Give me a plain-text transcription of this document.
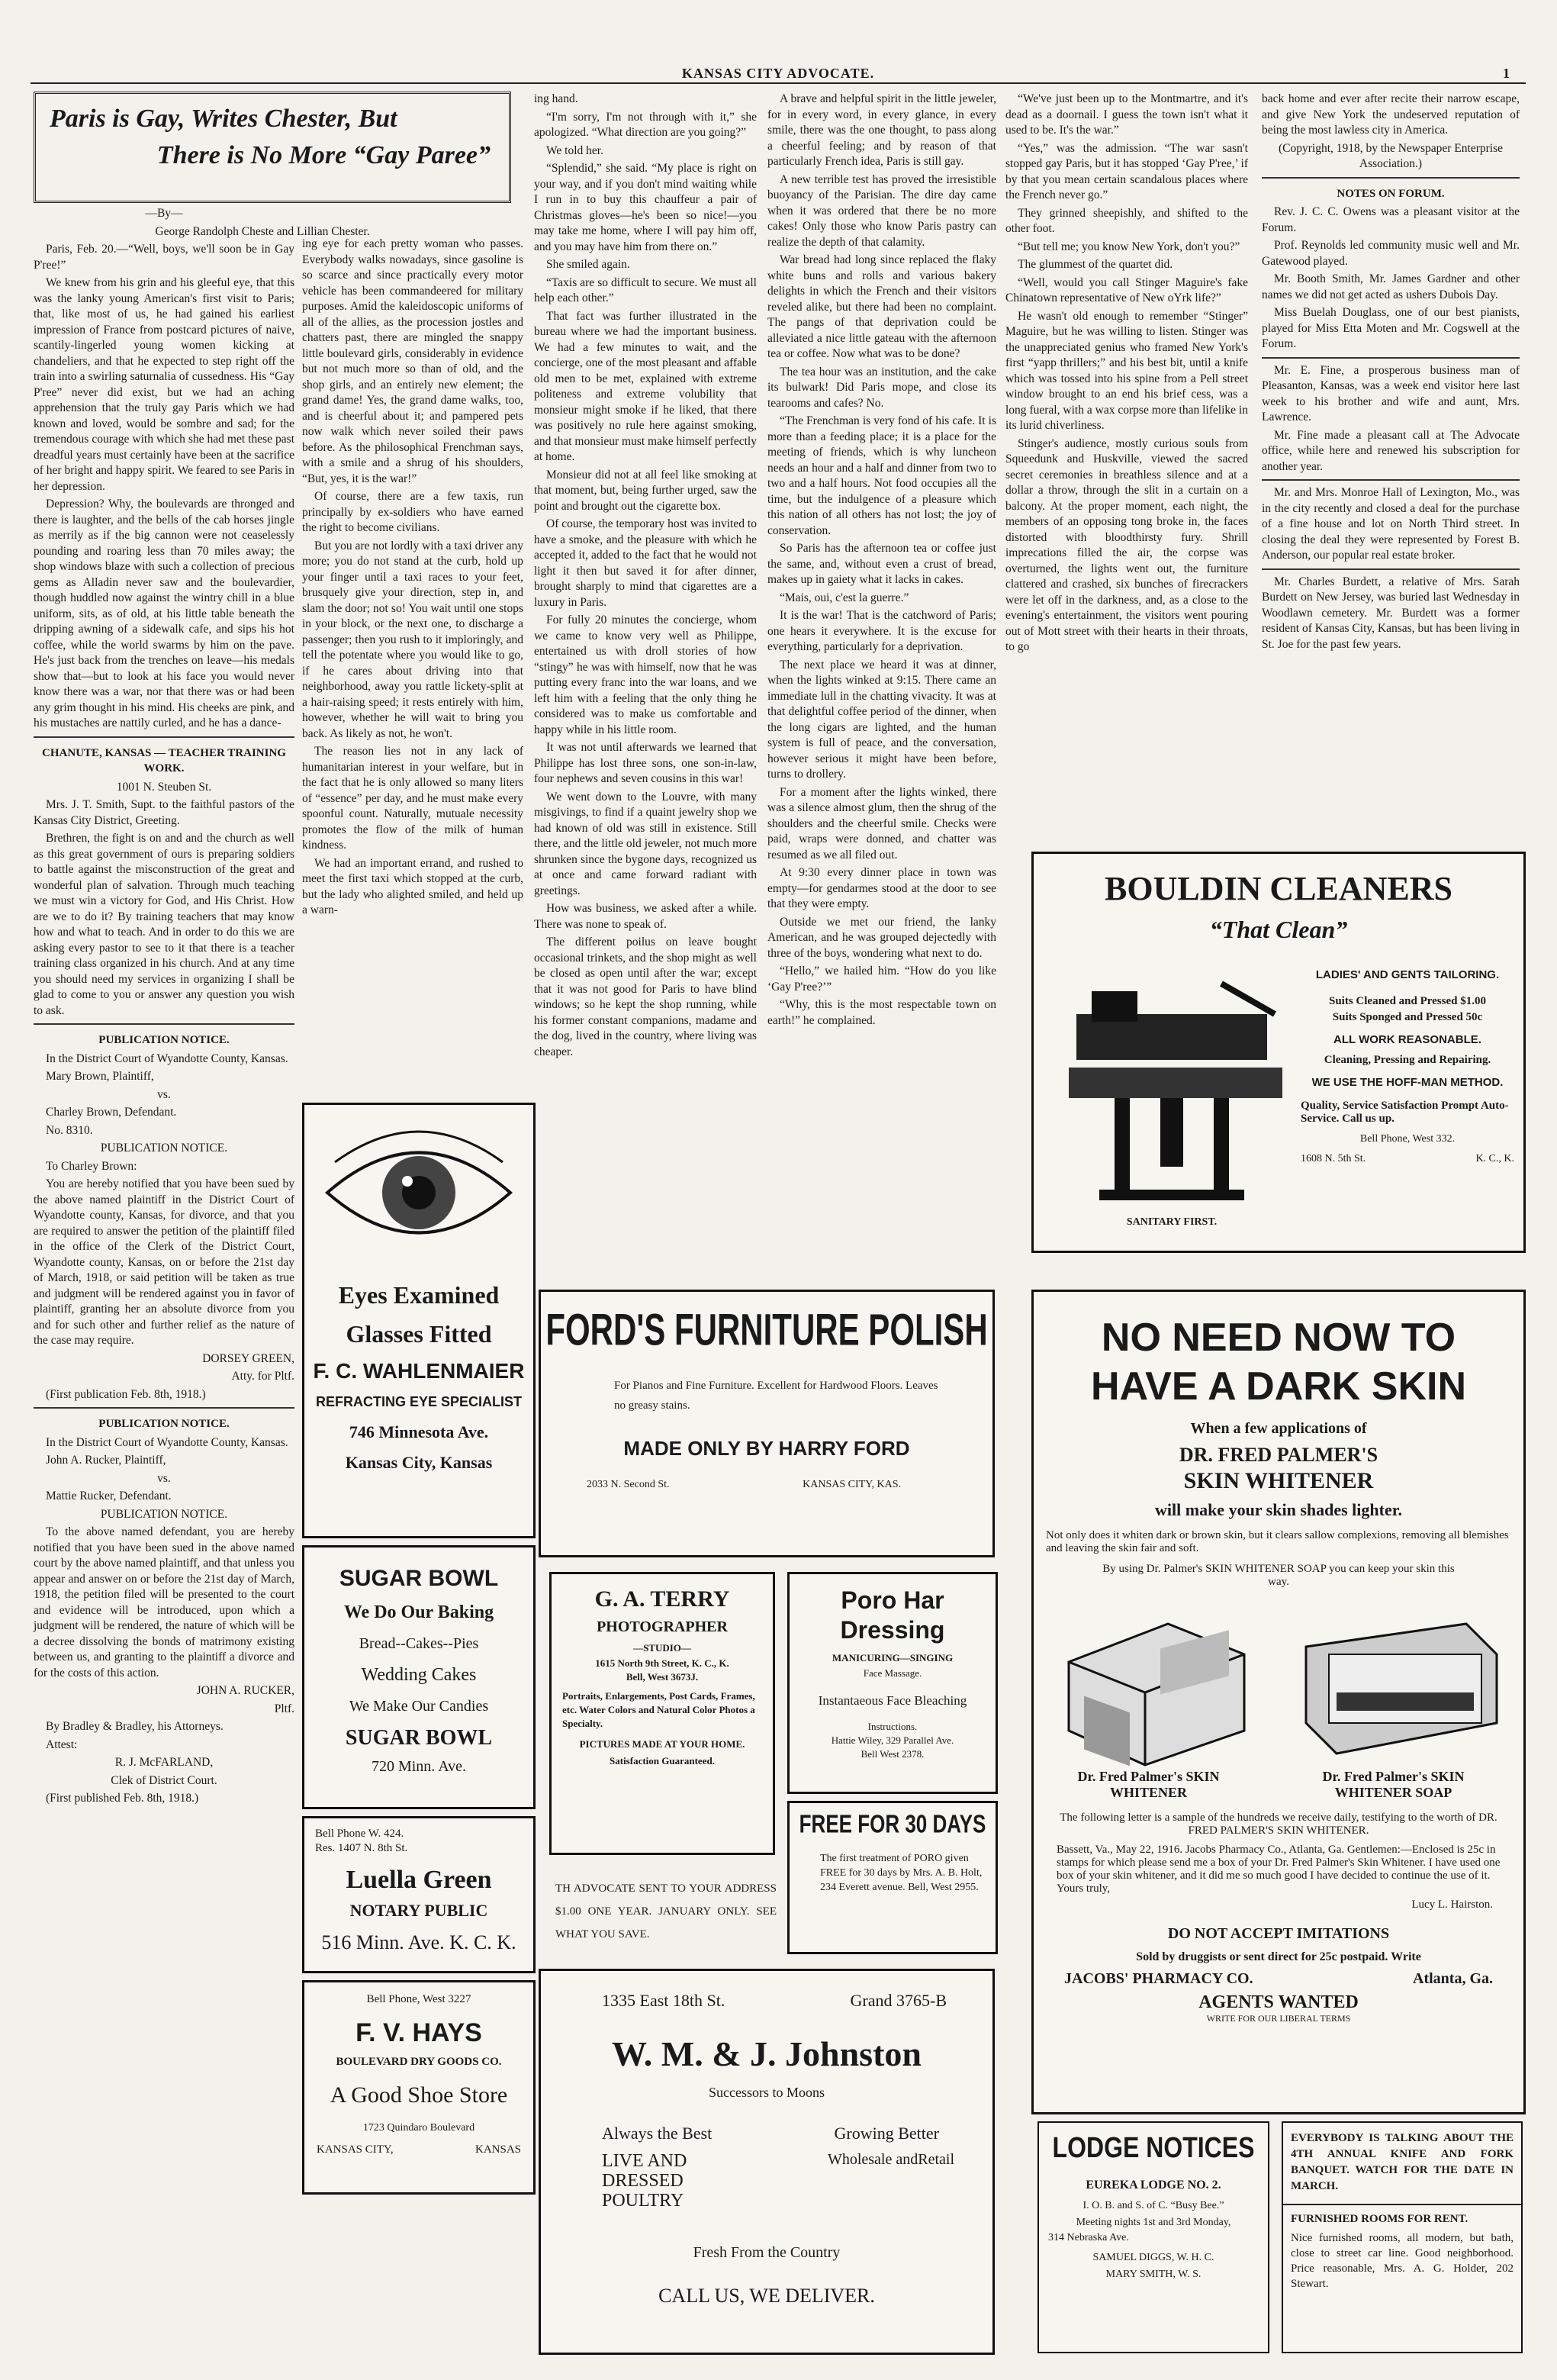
KANSAS CITY ADVOCATE.	1
Paris is Gay, Writes Chester, But
There is No More “Gay Paree”

—By—

George Randolph Cheste and Lillian Chester.

Paris, Feb. 20.—“Well, boys, we'll soon be in Gay P'ree!”

We knew from his grin and his gleeful eye, that this was the lanky young American's first visit to Paris; that, like most of us, he had gained his earliest impression of France from postcard pictures of naive, scantily-lingerled young women kicking at chandeliers, and that he expected to step right off the train into a swirling saturnalia of cussedness. His “Gay P'ree” never did exist, but we had an aching apprehension that the truly gay Paris which we had known and loved, would be sombre and sad; for the tremendous courage with which she had met these past dreadful years must certainly have been at the sacrifice of her bright and happy spirit. We feared to see Paris in her depression.

Depression? Why, the boulevards are thronged and there is laughter, and the bells of the cab horses jingle as merrily as if the big cannon were not ceaselessly pounding and roaring less than 70 miles away; the shop windows blaze with such a collection of precious gems as Alladin never saw and the boulevardier, though huddled now against the wintry chill in a blue uniform, sits, as of old, at his little table beneath the dripping awning of a sidewalk cafe, and sips his hot coffee, while the world swarms by him on the pave. He's just back from the trenches on leave—his medals show that—but to look at his face you would never know there was a war, nor that there was or had been any grim thought in his mind. His cheeks are pink, and his mustaches are nattily curled, and he has a dance-

CHANUTE, KANSAS — TEACHER TRAINING WORK.

1001 N. Steuben St.

Mrs. J. T. Smith, Supt. to the faithful pastors of the Kansas City District, Greeting.

Brethren, the fight is on and and the church as well as this great government of ours is preparing soldiers to battle against the misconstruction of the great and wonderful plan of salvation. Through much teaching we must win a victory for God, and His Christ. How are we to do it? By training teachers that may know how and what to teach. And in order to do this we are asking every pastor to see to it that there is a teacher training class organized in his church. And at any time you should need my services in organizing I shall be glad to come to you or answer any question you wish to ask.

PUBLICATION NOTICE.

In the District Court of Wyandotte County, Kansas.

Mary Brown, Plaintiff,

vs.

Charley Brown, Defendant.

No. 8310.

PUBLICATION NOTICE.

To Charley Brown:

You are hereby notified that you have been sued by the above named plaintiff in the District Court of Wyandotte county, Kansas, for divorce, and that you are required to answer the petition of the plaintiff filed in the office of the Clerk of the District Court, Wyandotte county, Kansas, on or before the 21st day of March, 1918, or said petition will be taken as true and judgment will be rendered against you in favor of plaintiff, granting her an absolute divorce from you and for such other and further relief as the nature of the case may require.

DORSEY GREEN,

Atty. for Pltf.

(First publication Feb. 8th, 1918.)

PUBLICATION NOTICE.

In the District Court of Wyandotte County, Kansas.

John A. Rucker, Plaintiff,

vs.

Mattie Rucker, Defendant.

PUBLICATION NOTICE.

To the above named defendant, you are hereby notified that you have been sued in the above named court by the above named plaintiff, and that unless you appear and answer on or before the 21st day of March, 1918, the petition filed will be presented to the court and evidence will be introduced, upon which a judgment will be rendered, the nature of which will be a decree dissolving the bonds of matrimony existing between us, and granting to the plaintiff a divorce and for the costs of this action.

JOHN A. RUCKER,

Pltf.

By Bradley & Bradley, his Attorneys.

Attest:

R. J. McFARLAND,

Clek of District Court.

(First published Feb. 8th, 1918.)

ing eye for each pretty woman who passes. Everybody walks nowadays, since gasoline is so scarce and since practically every motor vehicle has been commandeered for military purposes. Amid the kaleidoscopic uniforms of all of the allies, as the procession jostles and chatters past, there are mingled the snappy little boulevard girls, considerably in evidence but not much more so than of old, and the shop girls, and an entirely new element; the grand dame! Yes, the grand dame walks, too, and is cheerful about it; and pampered pets now walk which never soiled their paws before. As the philosophical Frenchman says, with a smile and a shrug of his shoulders, “But, yes, it is the war!”

Of course, there are a few taxis, run principally by ex-soldiers who have earned the right to become civilians.

But you are not lordly with a taxi driver any more; you do not stand at the curb, hold up your finger until a taxi races to your feet, brusquely give your direction, step in, and slam the door; not so! You wait until one stops in your block, or the next one, to discharge a passenger; then you rush to it imploringly, and tell the potentate where you would like to go, if he cares about driving into that neighborhood, away you rattle lickety-split at a hair-raising speed; it rests entirely with him, however, whether he will wait to bring you back. As likely as not, he won't.

The reason lies not in any lack of humanitarian interest in your welfare, but in the fact that he is only allowed so many liters of “essence” per day, and he must make every spoonful count. Naturally, mutuale necessity promotes the flow of the milk of human kindness.

We had an important errand, and rushed to meet the first taxi which stopped at the curb, but the lady who alighted smiled, and held up a warn-

ing hand.

“I'm sorry, I'm not through with it,” she apologized. “What direction are you going?”

We told her.

“Splendid,” she said. “My place is right on your way, and if you don't mind waiting while I run in to buy this chauffeur a pair of Christmas gloves—he's been so nice!—you may take me home, where I will pay him off, and you may have him from there on.”

She smiled again.

“Taxis are so difficult to secure. We must all help each other.”

That fact was further illustrated in the bureau where we had the important business. We had a few minutes to wait, and the concierge, one of the most pleasant and affable old men to be met, explained with extreme politeness and extreme volubility that monsieur might smoke if he liked, that there was positively no rule here against smoking, and that monsieur must make himself perfectly at home.

Monsieur did not at all feel like smoking at that moment, but, being further urged, saw the point and brought out the cigarette box.

Of course, the temporary host was invited to have a smoke, and the pleasure with which he accepted it, added to the fact that he would not light it then but saved it for after dinner, brought sharply to mind that cigarettes are a luxury in Paris.

For fully 20 minutes the concierge, whom we came to know very well as Philippe, entertained us with droll stories of how “stingy” he was with himself, now that he was putting every franc into the war loans, and we left him with a feeling that the only thing he considered was to make us comfortable and happy while in his little room.

It was not until afterwards we learned that Philippe has lost three sons, one son-in-law, four nephews and seven cousins in this war!

We went down to the Louvre, with many misgivings, to find if a quaint jewelry shop we had known of old was still in existence. Still there, and the little old jeweler, not much more shrunken since the bygone days, recognized us at once and came forward radiant with greetings.

How was business, we asked after a while. There was none to speak of.

The different poilus on leave bought occasional trinkets, and the shop might as well be closed as open until after the war; except that it was not good for Paris to have blind windows; so he kept the shop running, while his former constant companions, madame and the dog, lived in the country, where living was cheaper.

A brave and helpful spirit in the little jeweler, for in every word, in every glance, in every smile, there was the one thought, to pass along a cheerful feeling; and by reason of that particularly French idea, Paris is still gay.

A new terrible test has proved the irresistible buoyancy of the Parisian. The dire day came when it was ordered that there be no more cakes! Only those who know Paris pastry can realize the depth of that calamity.

War bread had long since replaced the flaky white buns and rolls and various bakery delights in which the French and their visitors reveled alike, but there had been no complaint. The pangs of that deprivation could be alleviated a nice little gateau with the afternoon tea or coffee. Now what was to be done?

The tea hour was an institution, and the cake its bulwark! Did Paris mope, and close its tearooms and cafes? No.

“The Frenchman is very fond of his cafe. It is more than a feeding place; it is a place for the meeting of friends, which is why luncheon needs an hour and a half and dinner from two to two and a half hours. Not food occupies all the time, but the indulgence of a pleasure which this nation of all others has not lost; the joy of conservation.

So Paris has the afternoon tea or coffee just the same, and, without even a crust of bread, makes up in gaiety what it lacks in cakes.

“Mais, oui, c'est la guerre.”

It is the war! That is the catchword of Paris; one hears it everywhere. It is the excuse for everything, particularly for a deprivation.

The next place we heard it was at dinner, when the lights winked at 9:15. There came an immediate lull in the chatting vivacity. It was at that delightful coffee period of the dinner, when the long cigars are lighted, and the human system is full of peace, and the conversation, however serious it might have been before, turns to drollery.

For a moment after the lights winked, there was a silence almost glum, then the shrug of the shoulders and the cheerful smile. Checks were paid, wraps were donned, and chatter was resumed as we all filed out.

At 9:30 every dinner place in town was empty—for gendarmes stood at the door to see that they were empty.

Outside we met our friend, the lanky American, and he was grouped dejectedly with three of the boys, wondering what next to do.

“Hello,” we hailed him. “How do you like ‘Gay P'ree?’”

“Why, this is the most respectable town on earth!” he complained.

“We've just been up to the Montmartre, and it's dead as a doornail. I guess the town isn't what it used to be. It's the war.”

“Yes,” was the admission. “The war sasn't stopped gay Paris, but it has stopped ‘Gay P'ree,’ if by that you mean certain scandalous places where the French never go.”

They grinned sheepishly, and shifted to the other foot.

“But tell me; you know New York, don't you?”

The glummest of the quartet did.

“Well, would you call Stinger Maguire's fake Chinatown representative of New oYrk life?”

He wasn't old enough to remember “Stinger” Maguire, but he was willing to listen. Stinger was the unappreciated genius who framed New York's first “yapp thrillers;” and his best bit, until a knife which was tossed into his spine from a Pell street window brought to an end his brief cess, was a long fueral, with a wax corpse more than lifelike in its lurid chiverliness.

Stinger's audience, mostly curious souls from Squeedunk and Huskville, viewed the sacred secret ceremonies in breathless silence and at a dollar a throw, through the slit in a curtain on a balcony. At the proper moment, each night, the members of an opposing tong broke in, the faces distorted with bloodthirsty fury. Shrill imprecations filled the air, the corpse was overturned, the lights went out, the furniture clattered and crashed, six bunches of firecrackers were let off in the darkness, and, as a close to the evening's entertainment, the visitors went pouring out of Mott street with their hearts in their throats, to go

back home and ever after recite their narrow escape, and give New York the undeserved reputation of being the most lawless city in America.

(Copyright, 1918, by the Newspaper Enterprise Association.)

NOTES ON FORUM.

Rev. J. C. C. Owens was a pleasant visitor at the Forum.

Prof. Reynolds led community music well and Mr. Gatewood played.

Mr. Booth Smith, Mr. James Gardner and other names we did not get acted as ushers Dubois Day.

Miss Buelah Douglass, one of our best pianists, played for Miss Etta Moten and Mr. Cogswell at the Forum.

Mr. E. Fine, a prosperous business man of Pleasanton, Kansas, was a week end visitor here last week to his brother and wife and aunt, Mrs. Lawrence.

Mr. Fine made a pleasant call at The Advocate office, while here and renewed his subscription for another year.

Mr. and Mrs. Monroe Hall of Lexington, Mo., was in the city recently and closed a deal for the purchase of a fine house and lot on North Third street. In closing the deal they were represented by Forest B. Anderson, our popular real estate broker.

Mr. Charles Burdett, a relative of Mrs. Sarah Burdett on New Jersey, was buried last Wednesday in Woodlawn cemetery. Mr. Burdett was a former resident of Kansas City, Kansas, but has been living in St. Joe for the past few years.

Eyes Examined
Glasses Fitted
F. C. WAHLENMAIER
REFRACTING EYE SPECIALIST
746 Minnesota Ave.
Kansas City, Kansas
SUGAR BOWL
We Do Our Baking
Bread--Cakes--Pies
Wedding Cakes
We Make Our Candies
SUGAR BOWL
720 Minn. Ave.
Bell Phone W. 424.
Res. 1407 N. 8th St.
Luella Green
NOTARY PUBLIC
516 Minn. Ave. K. C. K.
Bell Phone, West 3227
F. V. HAYS
BOULEVARD DRY GOODS CO.
A Good Shoe Store
1723 Quindaro Boulevard
KANSAS CITY,	KANSAS
FORD'S FURNITURE POLISH
For Pianos and Fine Furniture. Excellent for Hardwood Floors. Leaves no greasy stains.
MADE ONLY BY HARRY FORD
2033 N. Second St.	KANSAS CITY, KAS.
G. A. TERRY
PHOTOGRAPHER
—STUDIO—
1615 North 9th Street, K. C., K.
Bell, West 3673J.
Portraits, Enlargements, Post Cards, Frames, etc. Water Colors and Natural Color Photos a Specialty.
PICTURES MADE AT YOUR HOME.
Satisfaction Guaranteed.
Poro Har
Dressing
MANICURING—SINGING
Face Massage.
Instantaeous Face Bleaching
Instructions.
Hattie Wiley, 329 Parallel Ave.
Bell West 2378.
FREE FOR 30 DAYS
The first treatment of PORO given FREE for 30 days by Mrs. A. B. Holt, 234 Everett avenue. Bell, West 2955.
TH ADVOCATE SENT TO YOUR ADDRESS $1.00 ONE YEAR. JANUARY ONLY. SEE WHAT YOU SAVE.
1335 East 18th St.	Grand 3765-B
W. M. & J. Johnston
Successors to Moons
Always the Best	Growing Better
LIVE AND DRESSED POULTRY
Wholesale andRetail
Fresh From the Country
CALL US, WE DELIVER.
BOULDIN CLEANERS
“That Clean”
SANITARY FIRST.
LADIES' AND GENTS TAILORING.
Suits Cleaned and Pressed $1.00
Suits Sponged and Pressed 50c
ALL WORK REASONABLE.
Cleaning, Pressing and Repairing.
WE USE THE HOFF-MAN METHOD.
Quality, Service Satisfaction Prompt Auto-Service. Call us up.
Bell Phone, West 332.
1608 N. 5th St.	K. C., K.
NO NEED NOW TO
HAVE A DARK SKIN
When a few applications of
DR. FRED PALMER'S
SKIN WHITENER
will make your skin shades lighter.
Not only does it whiten dark or brown skin, but it clears sallow complexions, removing all blemishes and leaving the skin fair and soft.
By using Dr. Palmer's SKIN WHITENER SOAP you can keep your skin this way.
Dr. Fred Palmer's SKIN WHITENER
Dr. Fred Palmer's SKIN WHITENER SOAP
The following letter is a sample of the hundreds we receive daily, testifying to the worth of DR. FRED PALMER'S SKIN WHITENER.
Bassett, Va., May 22, 1916. Jacobs Pharmacy Co., Atlanta, Ga. Gentlemen:—Enclosed is 25c in stamps for which please send me a box of your Dr. Fred Palmer's Skin Whitener. I have used one box of your skin whitener, and it did me so much good I have decided to continue the use of it. Yours truly,
Lucy L. Hairston.
DO NOT ACCEPT IMITATIONS
Sold by druggists or sent direct for 25c postpaid. Write
JACOBS' PHARMACY CO.	Atlanta, Ga.
AGENTS WANTED
WRITE FOR OUR LIBERAL TERMS
LODGE NOTICES
EUREKA LODGE NO. 2.
I. O. B. and S. of C. “Busy Bee.”
Meeting nights 1st and 3rd Monday,
314 Nebraska Ave.
SAMUEL DIGGS, W. H. C.
MARY SMITH, W. S.
EVERYBODY IS TALKING ABOUT THE 4TH ANNUAL KNIFE AND FORK BANQUET. WATCH FOR THE DATE IN MARCH.
FURNISHED ROOMS FOR RENT.
Nice furnished rooms, all modern, but bath, close to street car line. Good neighborhood. Price reasonable, Mrs. A. G. Holder, 202 Stewart.
